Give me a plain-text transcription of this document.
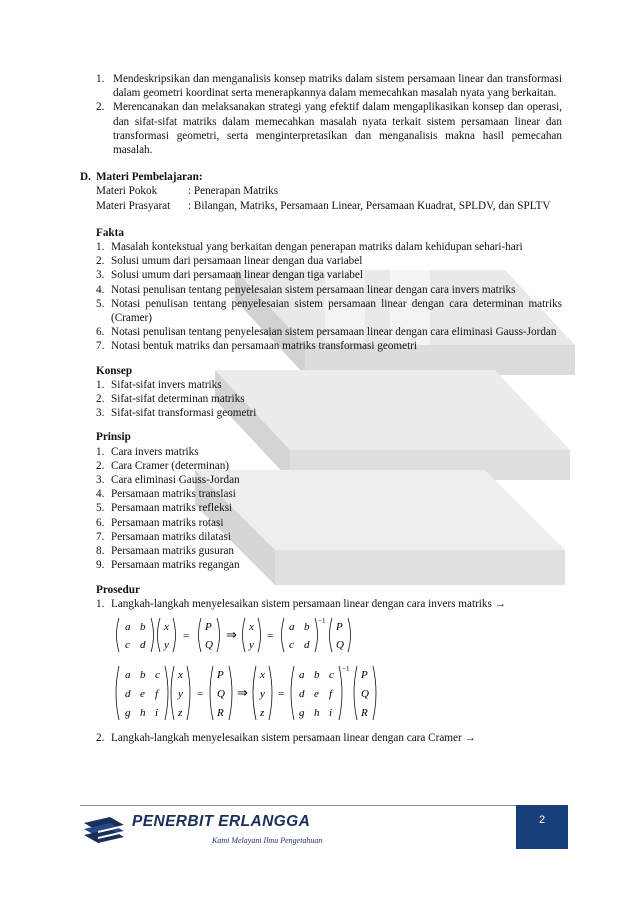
1. Mendeskripsikan dan menganalisis konsep matriks dalam sistem persamaan linear dan transformasi dalam geometri koordinat serta menerapkannya dalam memecahkan masalah nyata yang berkaitan.
2. Merencanakan dan melaksanakan strategi yang efektif dalam mengaplikasikan konsep dan operasi, dan sifat-sifat matriks dalam memecahkan masalah nyata terkait sistem persamaan linear dan transformasi geometri, serta menginterpretasikan dan menganalisis makna hasil pemecahan masalah.
D. Materi Pembelajaran:
Materi Pokok	: Penerapan Matriks
Materi Prasyarat	: Bilangan, Matriks, Persamaan Linear, Persamaan Kuadrat, SPLDV, dan SPLTV
Fakta
1. Masalah kontekstual yang berkaitan dengan penerapan matriks dalam kehidupan sehari-hari
2. Solusi umum dari persamaan linear dengan dua variabel
3. Solusi umum dari persamaan linear dengan tiga variabel
4. Notasi penulisan tentang penyelesaian sistem persamaan linear dengan cara invers matriks
5. Notasi penulisan tentang penyelesaian sistem persamaan linear dengan cara determinan matriks (Cramer)
6. Notasi penulisan tentang penyelesaian sistem persamaan linear dengan cara eliminasi Gauss-Jordan
7. Notasi bentuk matriks dan persamaan matriks transformasi geometri
Konsep
1. Sifat-sifat invers matriks
2. Sifat-sifat determinan matriks
3. Sifat-sifat transformasi geometri
Prinsip
1. Cara invers matriks
2. Cara Cramer (determinan)
3. Cara eliminasi Gauss-Jordan
4. Persamaan matriks translasi
5. Persamaan matriks refleksi
6. Persamaan matriks rotasi
7. Persamaan matriks dilatasi
8. Persamaan matriks gusuran
9. Persamaan matriks regangan
Prosedur
1. Langkah-langkah menyelesaikan sistem persamaan linear dengan cara invers matriks →
a b
c d
x
y
=
P
Q
⇒ x
y
=
a b
c d
−1 P
Q
a b c
d e f
g h i
x
y
z
=
P
Q
R
⇒
x
y
z
=
a b c
d e f
g h i
−1 P
Q
R
2. Langkah-langkah menyelesaikan sistem persamaan linear dengan cara Cramer →
PENERBIT ERLANGGA
Kami Melayani Ilmu Pengetahuan
2
